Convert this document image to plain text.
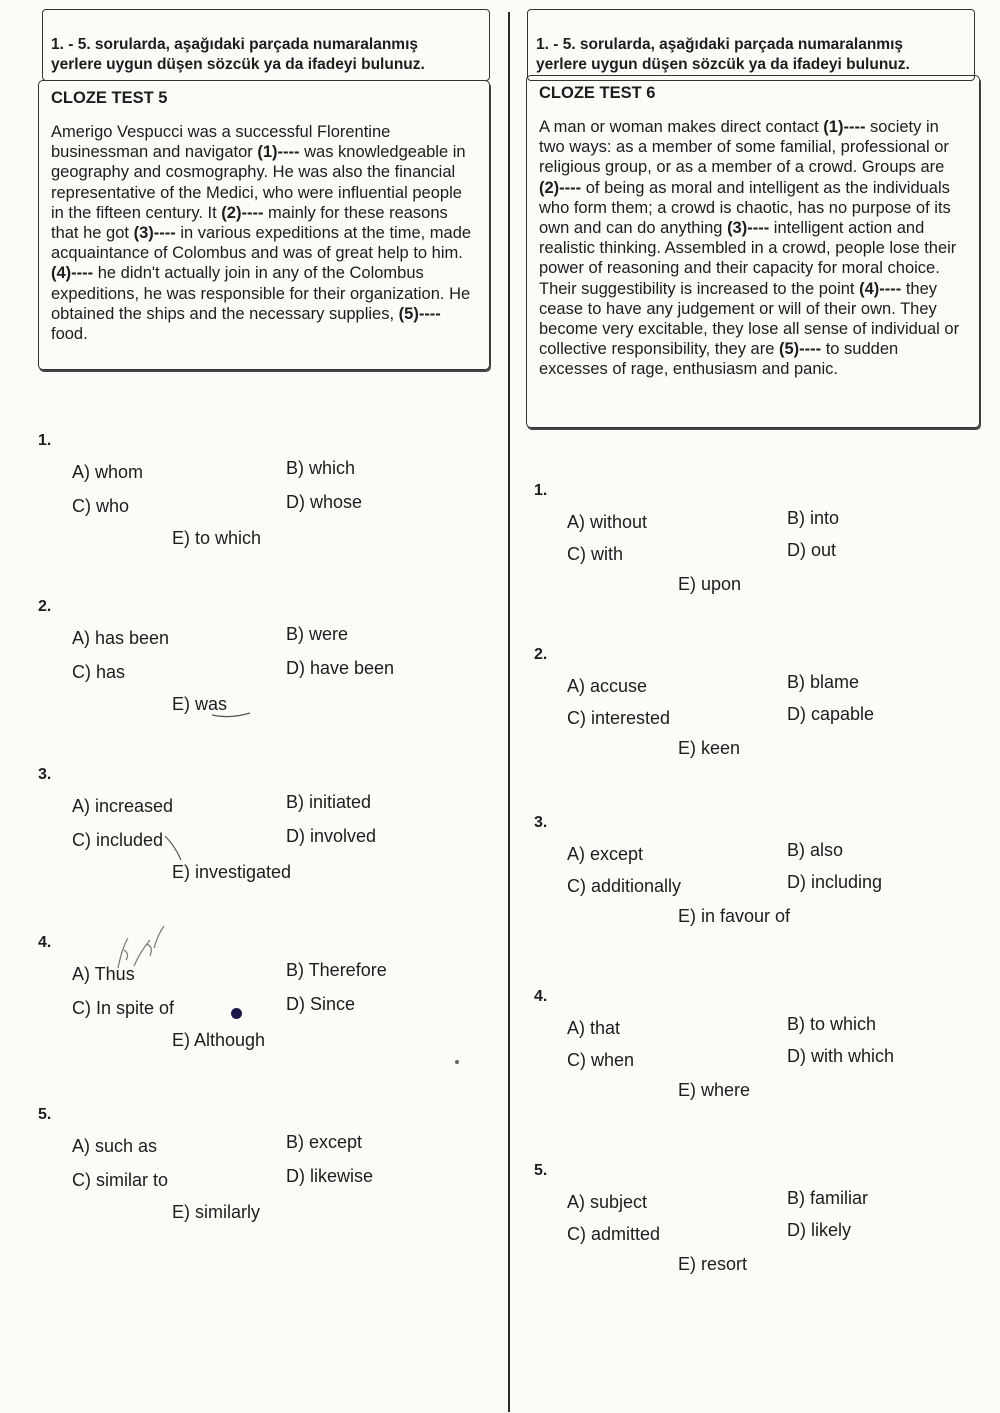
1. - 5. sorularda, aşağıdaki parçada numaralanmış
yerlere uygun düşen sözcük ya da ifadeyi bulunuz.

CLOZE TEST 5
Amerigo Vespucci was a successful Florentine businessman and navigator (1)---- was knowledgeable in geography and cosmography. He was also the financial representative of the Medici, who were influential people in the fifteen century. It (2)---- mainly for these reasons that he got (3)---- in various expeditions at the time, made acquaintance of Colombus and was of great help to him. (4)---- he didn't actually join in any of the Colombus expeditions, he was responsible for their organization. He obtained the ships and the necessary supplies, (5)---- food.
1.
A) whom	B) which
C) who	D) whose
E) to which
2.
A) has been	B) were
C) has	D) have been
E) was
3.
A) increased	B) initiated
C) included	D) involved
E) investigated
4.
A) Thus	B) Therefore
C) In spite of	D) Since
E) Although
5.
A) such as	B) except
C) similar to	D) likewise
E) similarly

1. - 5. sorularda, aşağıdaki parçada numaralanmış
yerlere uygun düşen sözcük ya da ifadeyi bulunuz.

CLOZE TEST 6
A man or woman makes direct contact (1)---- society in two ways: as a member of some familial, professional or religious group, or as a member of a crowd. Groups are (2)---- of being as moral and intelligent as the individuals who form them; a crowd is chaotic, has no purpose of its own and can do anything (3)---- intelligent action and realistic thinking. Assembled in a crowd, people lose their power of reasoning and their capacity for moral choice. Their suggestibility is increased to the point (4)---- they cease to have any judgement or will of their own. They become very excitable, they lose all sense of individual or collective responsibility, they are (5)---- to sudden excesses of rage, enthusiasm and panic.
1.
A) without	B) into
C) with	D) out
E) upon
2.
A) accuse	B) blame
C) interested	D) capable
E) keen
3.
A) except	B) also
C) additionally	D) including
E) in favour of
4.
A) that	B) to which
C) when	D) with which
E) where
5.
A) subject	B) familiar
C) admitted	D) likely
E) resort
